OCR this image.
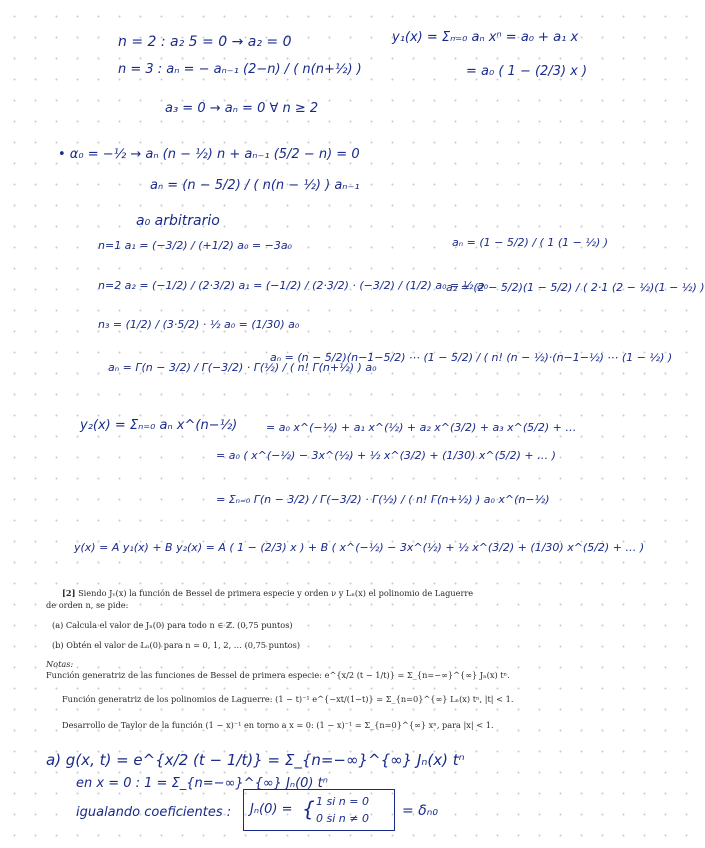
n = 2 : a₂ 5 = 0 → a₂ = 0
n = 3 : aₙ = − aₙ₋₁ (2−n) / ( n(n+½) )
y₁(x) = Σₙ₌₀ aₙ xⁿ = a₀ + a₁ x
= a₀ ( 1 − (2/3) x )
a₃ = 0 → aₙ = 0 ∀ n ≥ 2
• α₀ = −½ → aₙ (n − ½) n + aₙ₋₁ (5/2 − n) = 0
aₙ = (n − 5/2) / ( n(n − ½) ) aₙ₋₁
a₀ arbitrario
n=1 a₁ = (−3/2) / (+1/2) a₀ = −3a₀	aₙ = (1 − 5/2) / ( 1 (1 − ½) )
n=2 a₂ = (−1/2) / (2·3/2) a₁ = (−1/2) / (2·3/2) · (−3/2) / (1/2) a₀ = ½ a₀
a₂ = (2 − 5/2)(1 − 5/2) / ( 2·1 (2 − ½)(1 − ½) )
n₃ = (1/2) / (3·5/2) · ½ a₀ = (1/30) a₀
aₙ = (n − 5/2)(n−1−5/2) ⋯ (1 − 5/2) / ( n! (n − ½)·(n−1−½) ⋯ (1 − ½) )
aₙ = Γ(n − 3/2) / Γ(−3/2) · Γ(½) / ( n! Γ(n+½) ) a₀
y₂(x) = Σₙ₌₀ aₙ x^(n−½)	= a₀ x^(−½) + a₁ x^(½) + a₂ x^(3/2) + a₃ x^(5/2) + …
= a₀ ( x^(−½) − 3x^(½) + ½ x^(3/2) + (1/30) x^(5/2) + … )
= Σₙ₌₀ Γ(n − 3/2) / Γ(−3/2) · Γ(½) / ( n! Γ(n+½) ) a₀ x^(n−½)
y(x) = A y₁(x) + B y₂(x) = A ( 1 − (2/3) x ) + B ( x^(−½) − 3x^(½) + ½ x^(3/2) + (1/30) x^(5/2) + … )
[2] Siendo Jᵥ(x) la función de Bessel de primera especie y orden ν y Lₙ(x) el polinomio de Laguerre
de orden n, se pide:
(a) Calcula el valor de Jₙ(0) para todo n ∈ ℤ. (0,75 puntos)
(b) Obtén el valor de Lₙ(0) para n = 0, 1, 2, … (0,75 puntos)
Notas:
Función generatriz de las funciones de Bessel de primera especie: e^{x/2 (t − 1/t)} = Σ_{n=−∞}^{∞} Jₙ(x) tⁿ.
Función generatriz de los polinomios de Laguerre: (1 − t)⁻¹ e^{−xt/(1−t)} = Σ_{n=0}^{∞} Lₙ(x) tⁿ, |t| < 1.
Desarrollo de Taylor de la función (1 − x)⁻¹ en torno a x = 0: (1 − x)⁻¹ = Σ_{n=0}^{∞} xⁿ, para |x| < 1.
a) g(x, t) = e^{x/2 (t − 1/t)} = Σ_{n=−∞}^{∞} Jₙ(x) tⁿ
en x = 0 : 1 = Σ_{n=−∞}^{∞} Jₙ(0) tⁿ
igualando coeficientes : Jₙ(0) = { 1 si n = 0
0 si n ≠ 0 = δₙ₀
